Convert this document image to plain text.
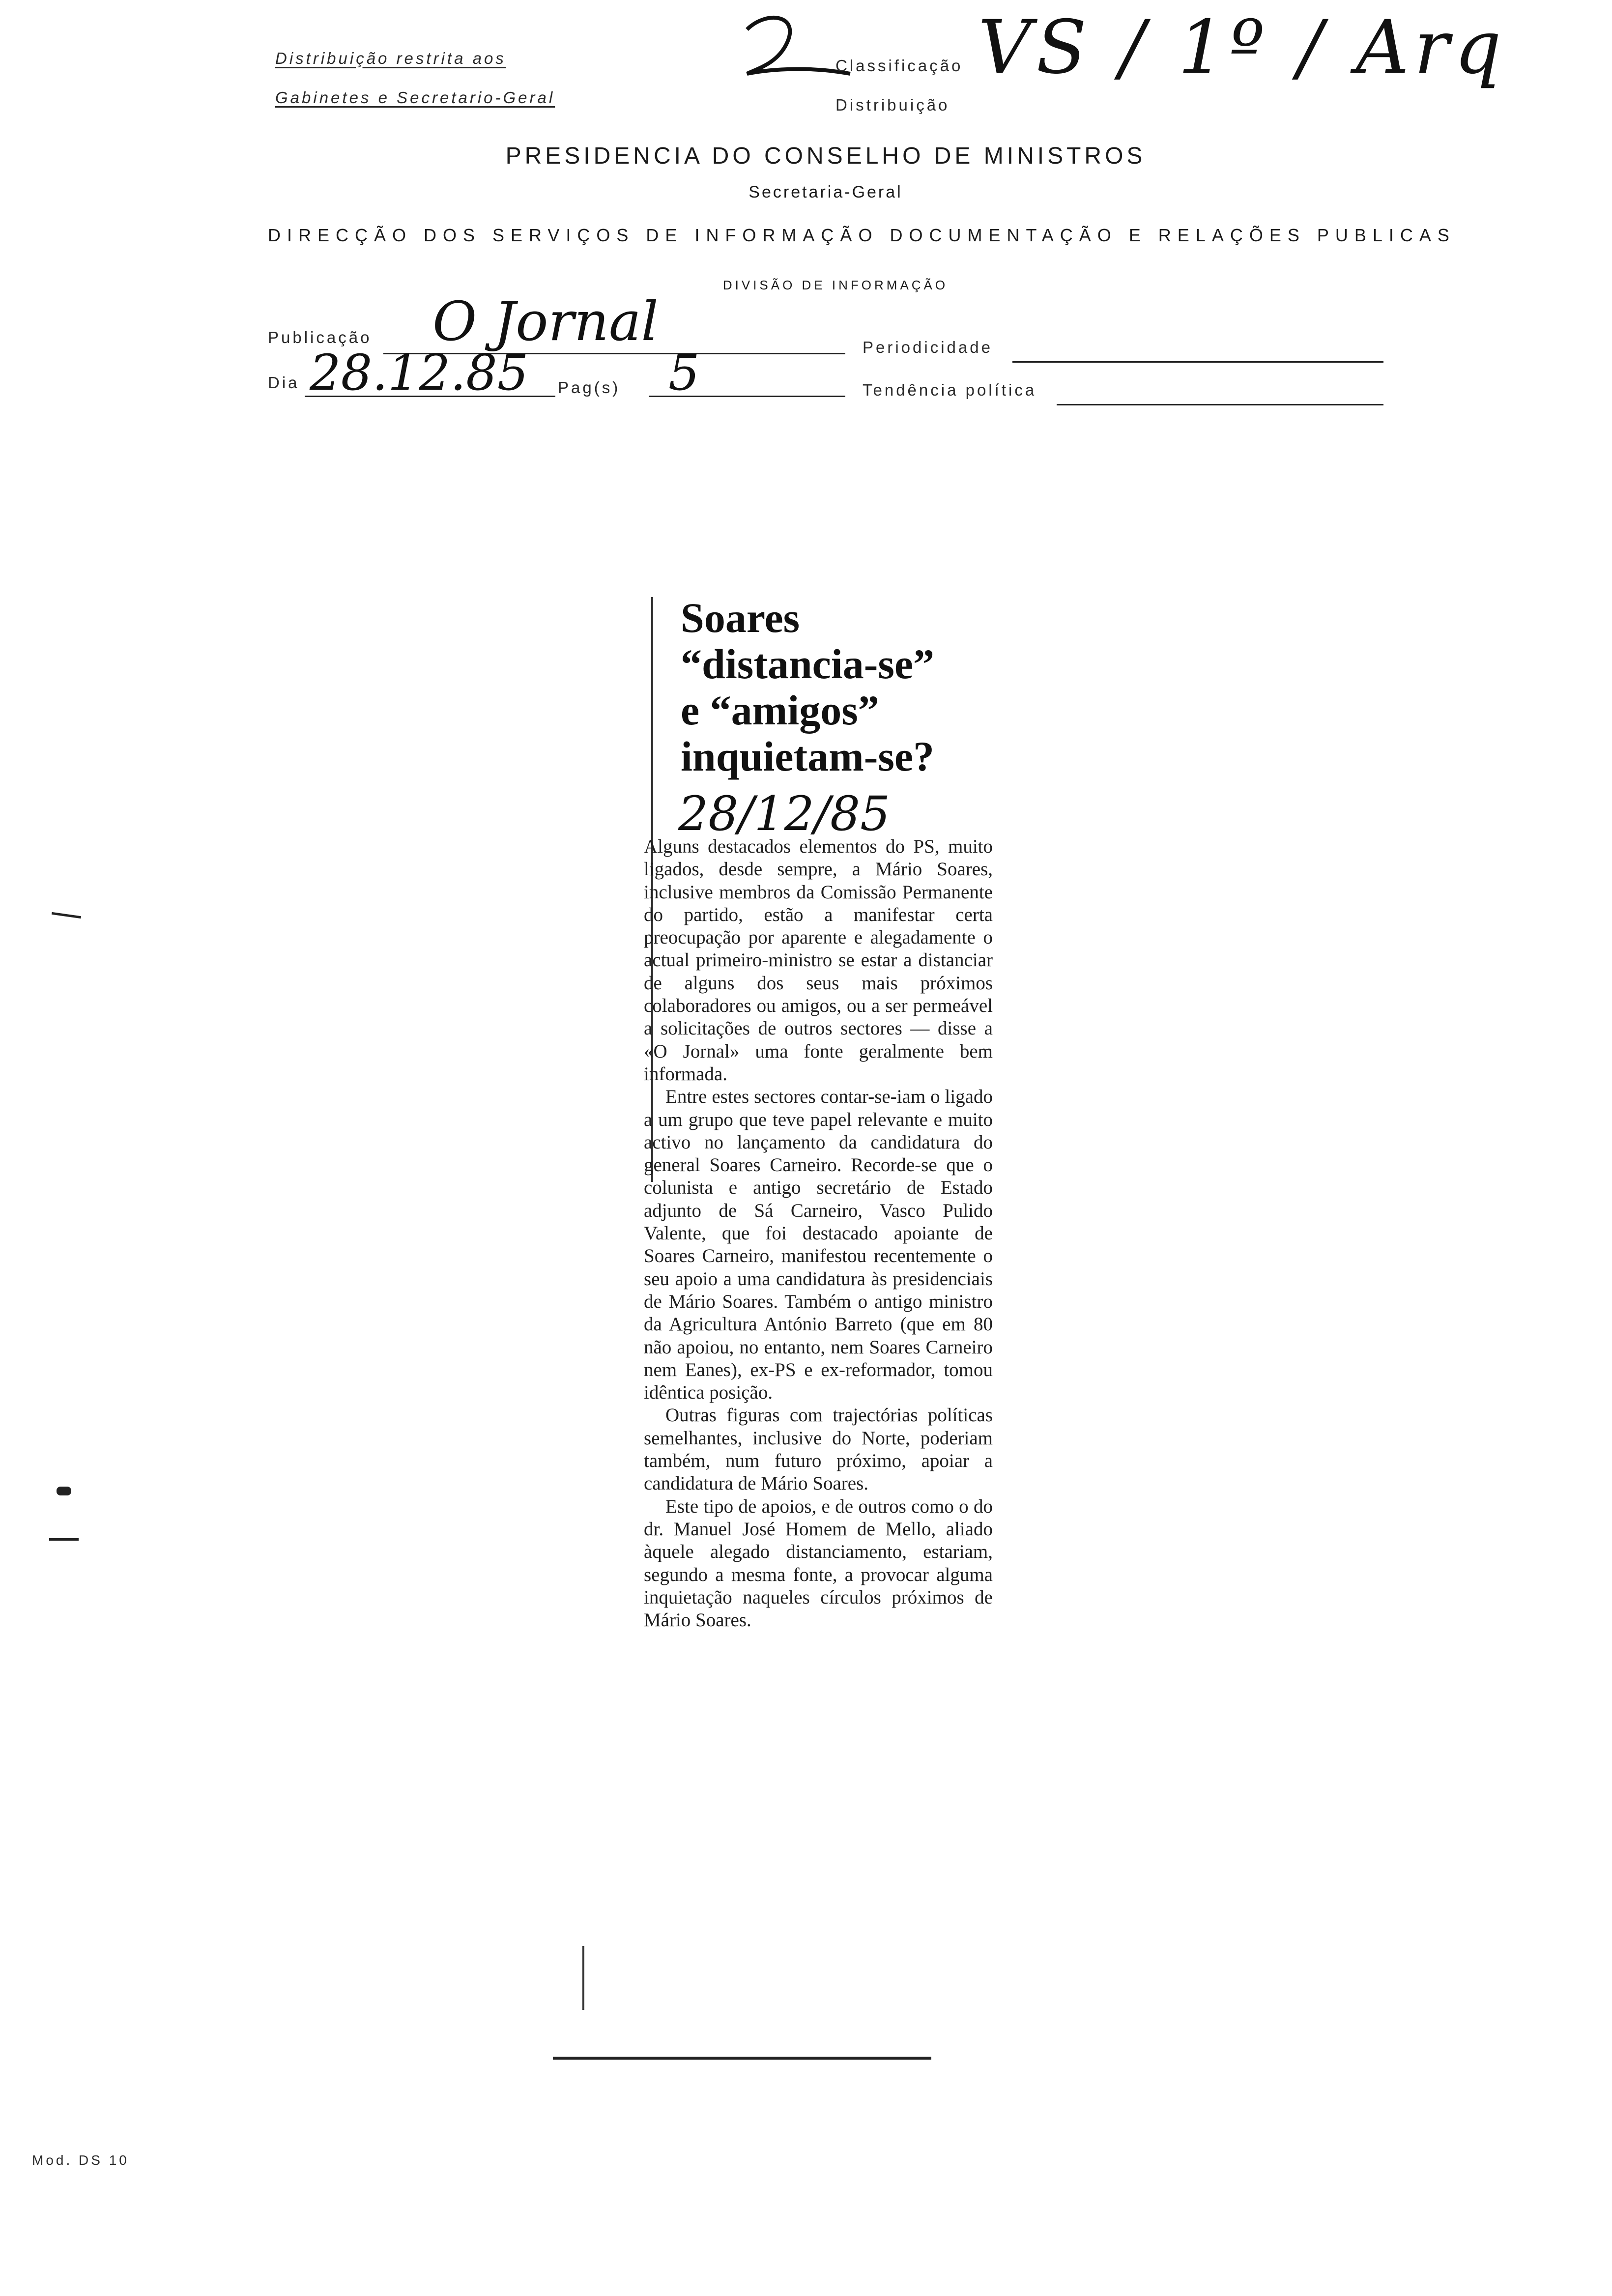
Distribuição restrita aos
Gabinetes e Secretario-Geral
Classificação
Distribuição
VS / 1º / Arq
PRESIDENCIA DO CONSELHO DE MINISTROS
Secretaria-Geral
DIRECÇÃO DOS SERVIÇOS DE INFORMAÇÃO DOCUMENTAÇÃO E RELAÇÕES PUBLICAS
DIVISÃO DE INFORMAÇÃO
Publicação O Jornal	Periodicidade
Dia 28.12.85 Pag(s) 5	Tendência política
Soares
“distancia-se”
e “amigos”
inquietam-se?
28/12/85

Alguns destacados elementos do PS, muito ligados, desde sempre, a Mário Soares, inclusive membros da Comissão Permanente do partido, estão a manifestar certa preocupação por aparente e alegadamente o actual primeiro-ministro se estar a distanciar de alguns dos seus mais próximos colaboradores ou amigos, ou a ser permeável a solicitações de outros sectores — disse a «O Jornal» uma fonte geralmente bem informada.

Entre estes sectores contar-se-iam o ligado a um grupo que teve papel relevante e muito activo no lançamento da candidatura do general Soares Carneiro. Recorde-se que o colunista e antigo secretário de Estado adjunto de Sá Carneiro, Vasco Pulido Valente, que foi destacado apoiante de Soares Carneiro, manifestou recentemente o seu apoio a uma candidatura às presidenciais de Mário Soares. Também o antigo ministro da Agricultura António Barreto (que em 80 não apoiou, no entanto, nem Soares Carneiro nem Eanes), ex-PS e ex-reformador, tomou idêntica posição.

Outras figuras com trajectórias políticas semelhantes, inclusive do Norte, poderiam também, num futuro próximo, apoiar a candidatura de Mário Soares.

Este tipo de apoios, e de outros como o do dr. Manuel José Homem de Mello, aliado àquele alegado distanciamento, estariam, segundo a mesma fonte, a provocar alguma inquietação naqueles círculos próximos de Mário Soares.

Mod. DS 10
